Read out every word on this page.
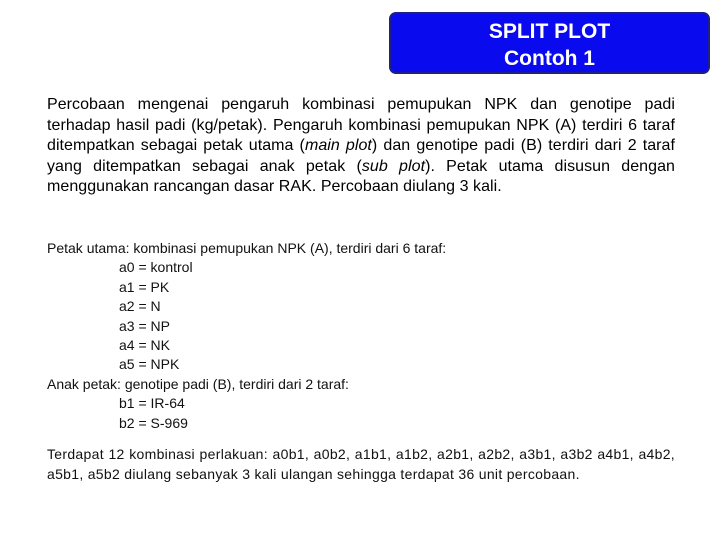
SPLIT PLOT
Contoh 1
Percobaan mengenai pengaruh kombinasi pemupukan NPK dan genotipe padi terhadap hasil padi (kg/petak). Pengaruh kombinasi pemupukan NPK (A) terdiri 6 taraf ditempatkan sebagai petak utama (main plot) dan genotipe padi (B) terdiri dari 2 taraf yang ditempatkan sebagai anak petak (sub plot). Petak utama disusun dengan menggunakan rancangan dasar RAK. Percobaan diulang 3 kali.
Petak utama: kombinasi pemupukan NPK (A), terdiri dari 6 taraf:
a0 = kontrol
a1 = PK
a2 = N
a3 = NP
a4 = NK
a5 = NPK
Anak petak: genotipe padi (B), terdiri dari 2 taraf:
b1 = IR-64
b2 = S-969
Terdapat 12 kombinasi perlakuan: a0b1, a0b2, a1b1, a1b2, a2b1, a2b2, a3b1, a3b2 a4b1, a4b2, a5b1, a5b2 diulang sebanyak 3 kali ulangan sehingga terdapat 36 unit percobaan.
